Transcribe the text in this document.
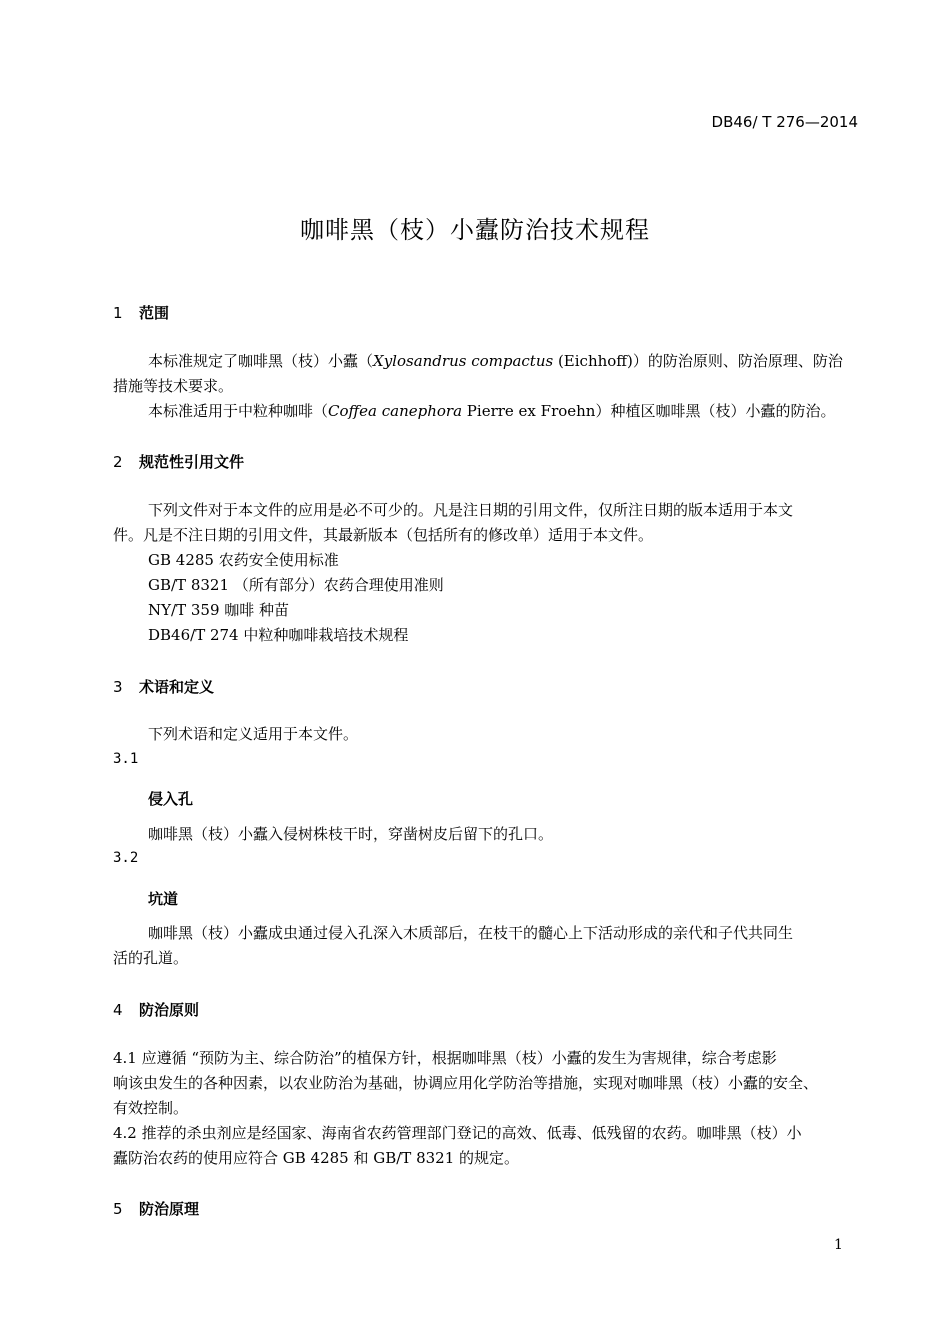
DB46/ T 276—2014
咖啡黑（枝）小蠹防治技术规程
1 范围
本标准规定了咖啡黑（枝）小蠹（Xylosandrus compactus (Eichhoff)）的防治原则、防治原理、防治
措施等技术要求。
本标准适用于中粒种咖啡（Coffea canephora Pierre ex Froehn）种植区咖啡黑（枝）小蠹的防治。
2 规范性引用文件
下列文件对于本文件的应用是必不可少的。凡是注日期的引用文件，仅所注日期的版本适用于本文
件。凡是不注日期的引用文件，其最新版本（包括所有的修改单）适用于本文件。
GB 4285 农药安全使用标准
GB/T 8321 （所有部分）农药合理使用准则
NY/T 359 咖啡 种苗
DB46/T 274 中粒种咖啡栽培技术规程
3 术语和定义
下列术语和定义适用于本文件。
3.1
侵入孔
咖啡黑（枝）小蠹入侵树株枝干时，穿凿树皮后留下的孔口。
3.2
坑道
咖啡黑（枝）小蠹成虫通过侵入孔深入木质部后，在枝干的髓心上下活动形成的亲代和子代共同生
活的孔道。
4 防治原则
4.1 应遵循 “预防为主、综合防治”的植保方针，根据咖啡黑（枝）小蠹的发生为害规律，综合考虑影
响该虫发生的各种因素，以农业防治为基础，协调应用化学防治等措施，实现对咖啡黑（枝）小蠹的安全、
有效控制。
4.2 推荐的杀虫剂应是经国家、海南省农药管理部门登记的高效、低毒、低残留的农药。咖啡黑（枝）小
蠹防治农药的使用应符合 GB 4285 和 GB/T 8321 的规定。
5 防治原理
1
